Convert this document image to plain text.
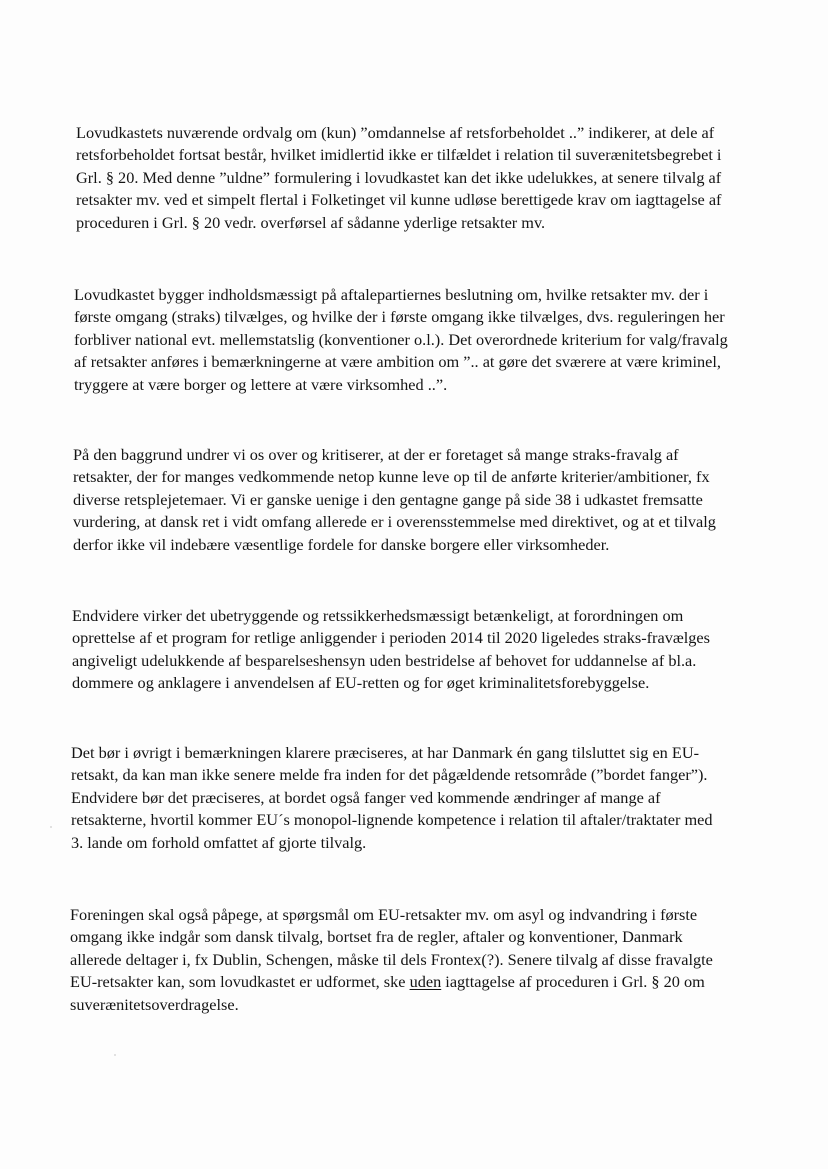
Lovudkastets nuværende ordvalg om (kun) ”omdannelse af retsforbeholdet ..” indikerer, at dele af
retsforbeholdet fortsat består, hvilket imidlertid ikke er tilfældet i relation til suverænitetsbegrebet i
Grl. § 20. Med denne ”uldne” formulering i lovudkastet kan det ikke udelukkes, at senere tilvalg af
retsakter mv. ved et simpelt flertal i Folketinget vil kunne udløse berettigede krav om iagttagelse af
proceduren i Grl. § 20 vedr. overførsel af sådanne yderlige retsakter mv.

Lovudkastet bygger indholdsmæssigt på aftalepartiernes beslutning om, hvilke retsakter mv. der i
første omgang (straks) tilvælges, og hvilke der i første omgang ikke tilvælges, dvs. reguleringen her
forbliver national evt. mellemstatslig (konventioner o.l.). Det overordnede kriterium for valg/fravalg
af retsakter anføres i bemærkningerne at være ambition om ”.. at gøre det sværere at være kriminel,
tryggere at være borger og lettere at være virksomhed ..”.

På den baggrund undrer vi os over og kritiserer, at der er foretaget så mange straks-fravalg af
retsakter, der for manges vedkommende netop kunne leve op til de anførte kriterier/ambitioner, fx
diverse retsplejetemaer. Vi er ganske uenige i den gentagne gange på side 38 i udkastet fremsatte
vurdering, at dansk ret i vidt omfang allerede er i overensstemmelse med direktivet, og at et tilvalg
derfor ikke vil indebære væsentlige fordele for danske borgere eller virksomheder.

Endvidere virker det ubetryggende og retssikkerhedsmæssigt betænkeligt, at forordningen om
oprettelse af et program for retlige anliggender i perioden 2014 til 2020 ligeledes straks-fravælges
angiveligt udelukkende af besparelseshensyn uden bestridelse af behovet for uddannelse af bl.a.
dommere og anklagere i anvendelsen af EU-retten og for øget kriminalitetsforebyggelse.

Det bør i øvrigt i bemærkningen klarere præciseres, at har Danmark én gang tilsluttet sig en EU-
retsakt, da kan man ikke senere melde fra inden for det pågældende retsområde (”bordet fanger”).
Endvidere bør det præciseres, at bordet også fanger ved kommende ændringer af mange af
retsakterne, hvortil kommer EU´s monopol-lignende kompetence i relation til aftaler/traktater med
3. lande om forhold omfattet af gjorte tilvalg.

Foreningen skal også påpege, at spørgsmål om EU-retsakter mv. om asyl og indvandring i første
omgang ikke indgår som dansk tilvalg, bortset fra de regler, aftaler og konventioner, Danmark
allerede deltager i, fx Dublin, Schengen, måske til dels Frontex(?). Senere tilvalg af disse fravalgte
EU-retsakter kan, som lovudkastet er udformet, ske uden iagttagelse af proceduren i Grl. § 20 om
suverænitetsoverdragelse.
